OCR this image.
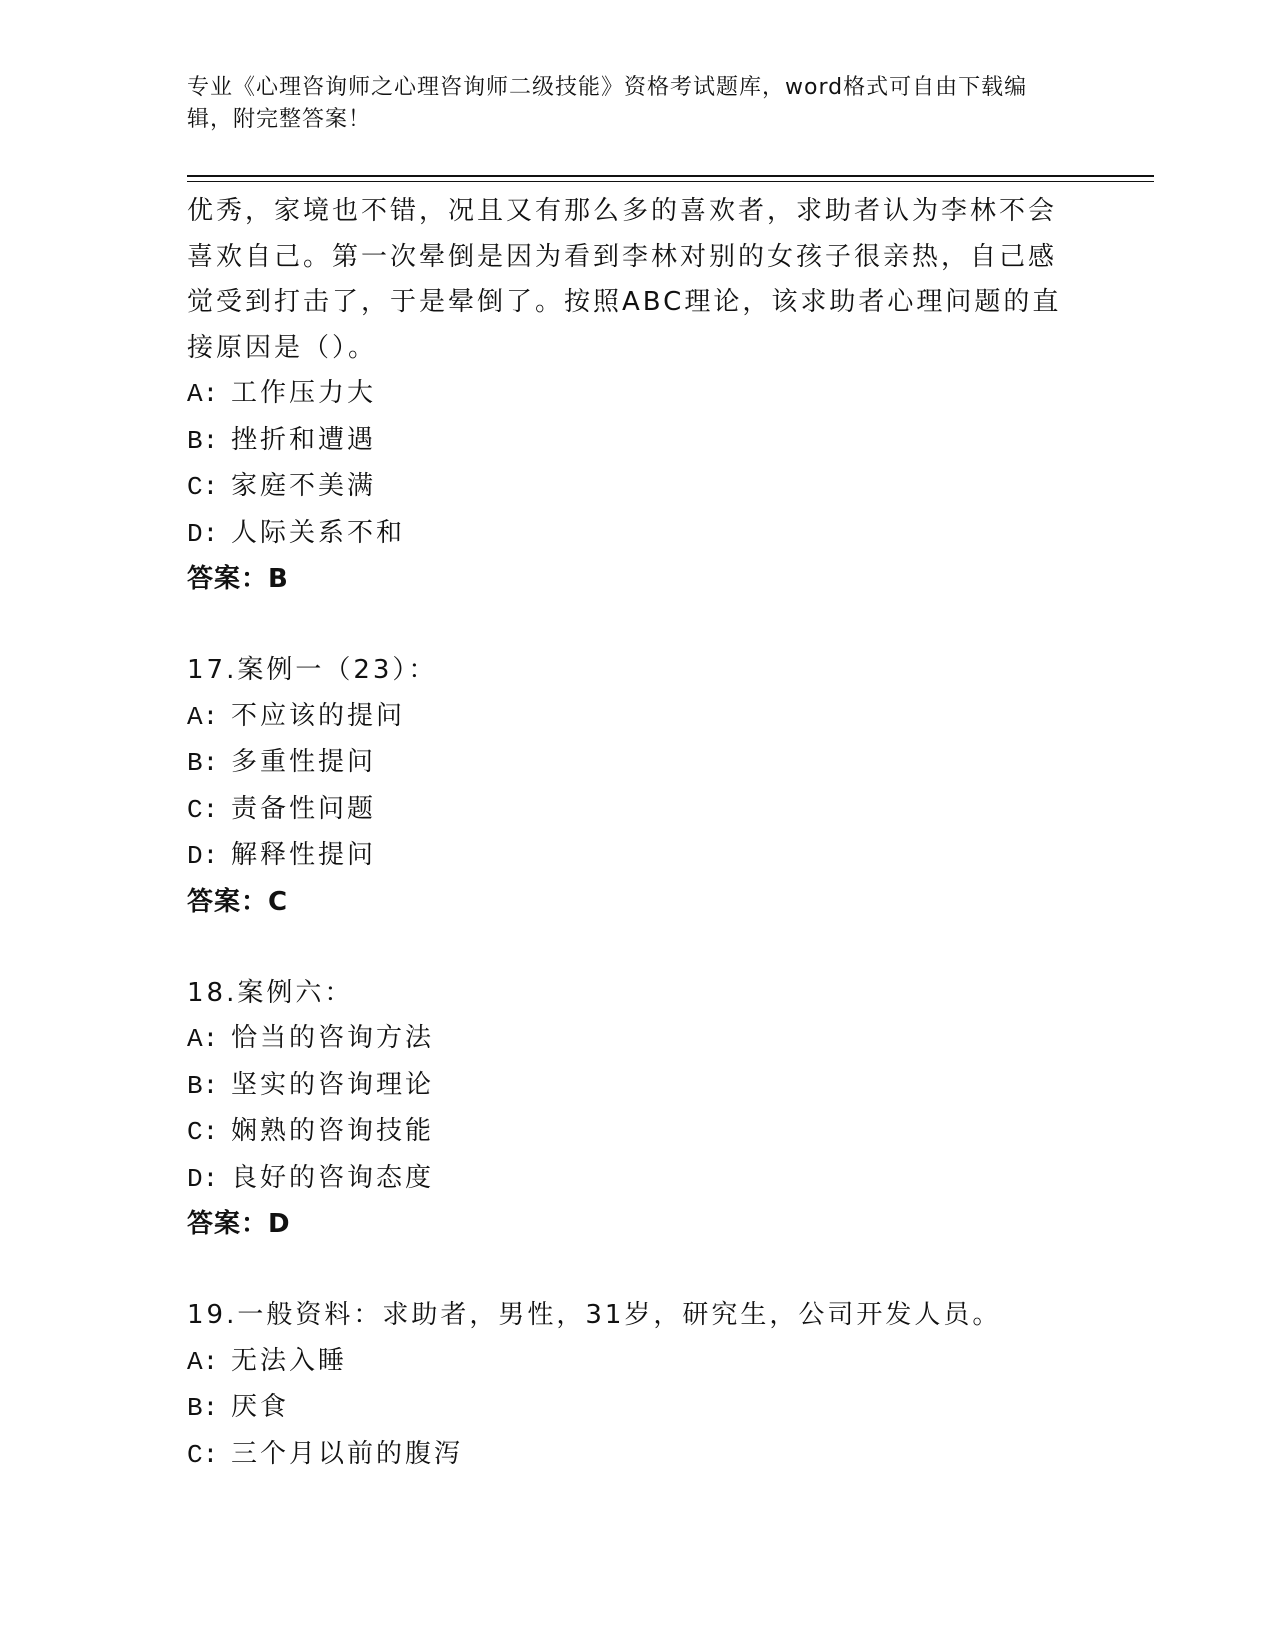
专业《心理咨询师之心理咨询师二级技能》资格考试题库，word格式可自由下载编辑，附完整答案！
优秀，家境也不错，况且又有那么多的喜欢者，求助者认为李林不会
喜欢自己。第一次晕倒是因为看到李林对别的女孩子很亲热，自己感
觉受到打击了，于是晕倒了。按照ABC理论，该求助者心理问题的直
接原因是（）。
A: 工作压力大
B: 挫折和遭遇
C: 家庭不美满
D: 人际关系不和
答案：B
17.案例一（23）：
A: 不应该的提问
B: 多重性提问
C: 责备性问题
D: 解释性提问
答案：C
18.案例六：
A: 恰当的咨询方法
B: 坚实的咨询理论
C: 娴熟的咨询技能
D: 良好的咨询态度
答案：D
19.一般资料：求助者，男性，31岁，研究生，公司开发人员。
A: 无法入睡
B: 厌食
C: 三个月以前的腹泻
